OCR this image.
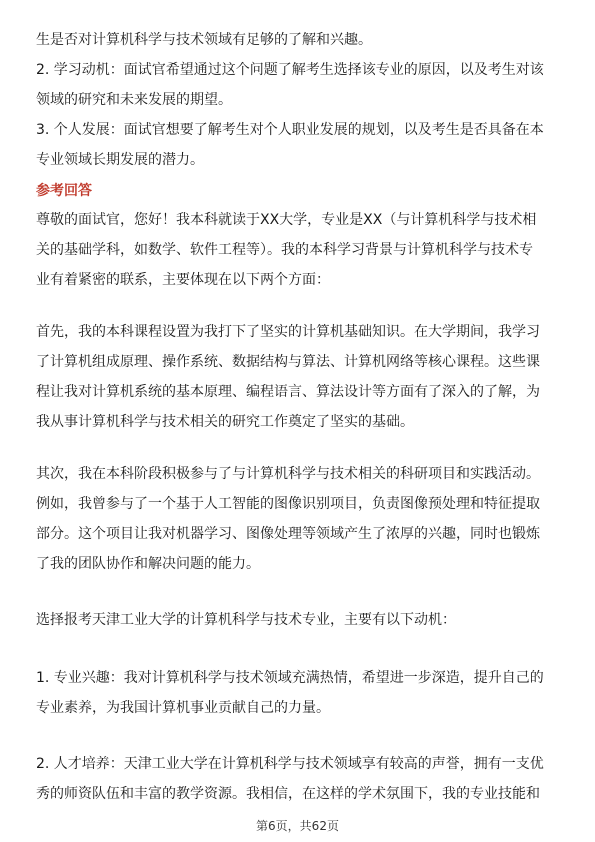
生是否对计算机科学与技术领域有足够的了解和兴趣。
2. 学习动机：面试官希望通过这个问题了解考生选择该专业的原因，以及考生对该
领域的研究和未来发展的期望。
3. 个人发展：面试官想要了解考生对个人职业发展的规划，以及考生是否具备在本
专业领域长期发展的潜力。
参考回答
尊敬的面试官，您好！我本科就读于XX大学，专业是XX（与计算机科学与技术相
关的基础学科，如数学、软件工程等）。我的本科学习背景与计算机科学与技术专
业有着紧密的联系，主要体现在以下两个方面：
首先，我的本科课程设置为我打下了坚实的计算机基础知识。在大学期间，我学习
了计算机组成原理、操作系统、数据结构与算法、计算机网络等核心课程。这些课
程让我对计算机系统的基本原理、编程语言、算法设计等方面有了深入的了解，为
我从事计算机科学与技术相关的研究工作奠定了坚实的基础。
其次，我在本科阶段积极参与了与计算机科学与技术相关的科研项目和实践活动。
例如，我曾参与了一个基于人工智能的图像识别项目，负责图像预处理和特征提取
部分。这个项目让我对机器学习、图像处理等领域产生了浓厚的兴趣，同时也锻炼
了我的团队协作和解决问题的能力。
选择报考天津工业大学的计算机科学与技术专业，主要有以下动机：
1. 专业兴趣：我对计算机科学与技术领域充满热情，希望进一步深造，提升自己的
专业素养，为我国计算机事业贡献自己的力量。
2. 人才培养：天津工业大学在计算机科学与技术领域享有较高的声誉，拥有一支优
秀的师资队伍和丰富的教学资源。我相信，在这样的学术氛围下，我的专业技能和
第6页，共62页
